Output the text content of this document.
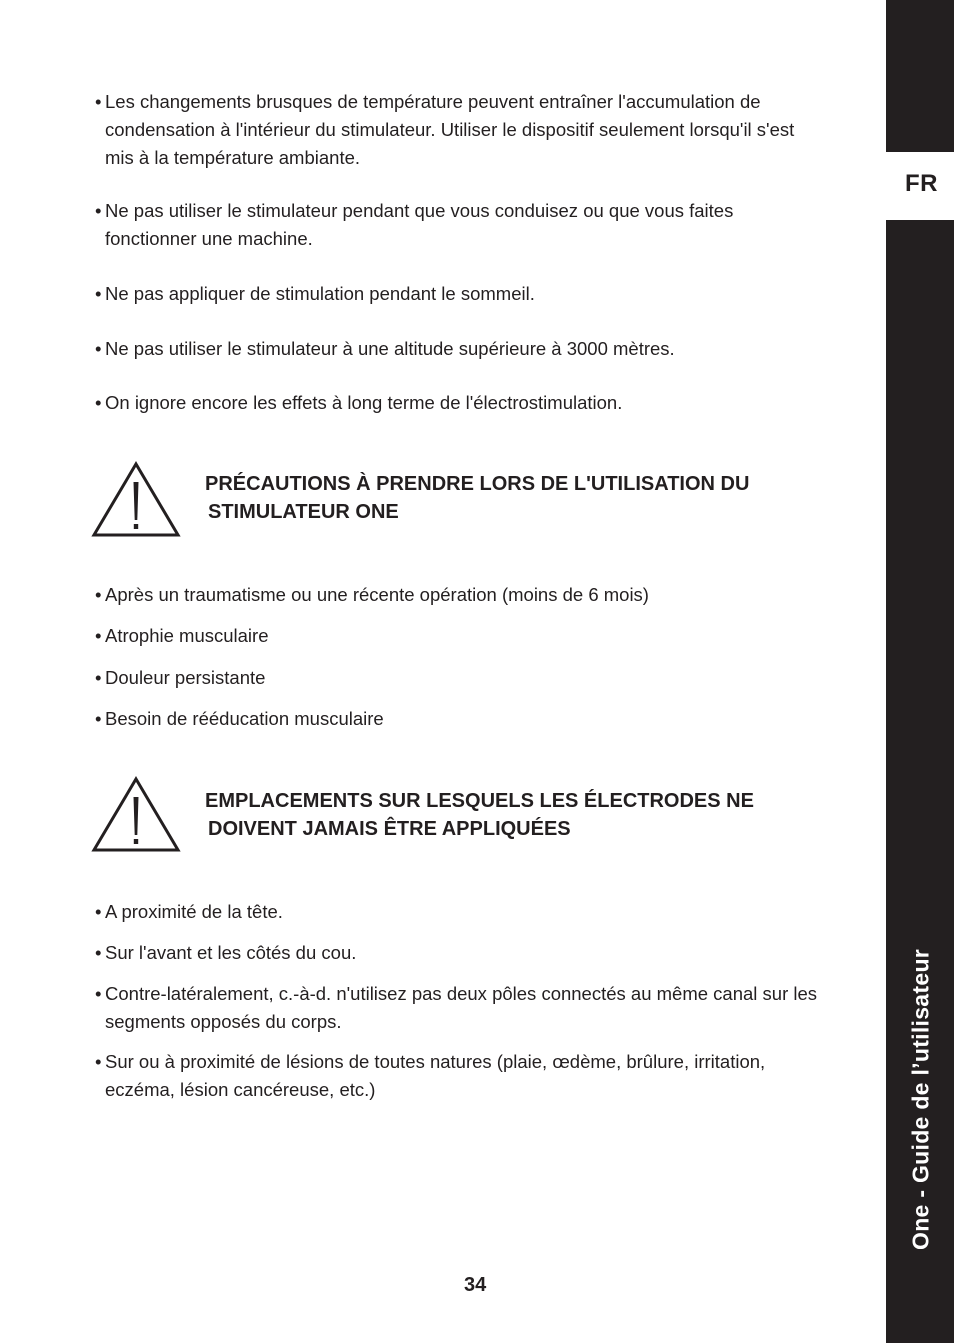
FR
One - Guide de l’utilisateur
• Les changements brusques de température peuvent entraîner l'accumulation de
condensation à l'intérieur du stimulateur. Utiliser le dispositif seulement lorsqu'il s'est
mis à la température ambiante.
• Ne pas utiliser le stimulateur pendant que vous conduisez ou que vous faites
fonctionner une machine.
• Ne pas appliquer de stimulation pendant le sommeil.
• Ne pas utiliser le stimulateur à une altitude supérieure à 3000 mètres.
• On ignore encore les effets à long terme de l'électrostimulation.
PRÉCAUTIONS À PRENDRE LORS DE L'UTILISATION DU
STIMULATEUR ONE
• Après un traumatisme ou une récente opération (moins de 6 mois)
• Atrophie musculaire
• Douleur persistante
• Besoin de rééducation musculaire
EMPLACEMENTS SUR LESQUELS LES ÉLECTRODES NE
DOIVENT JAMAIS ÊTRE APPLIQUÉES
• A proximité de la tête.
• Sur l'avant et les côtés du cou.
• Contre-latéralement, c.-à-d. n'utilisez pas deux pôles connectés au même canal sur les
segments opposés du corps.
• Sur ou à proximité de lésions de toutes natures (plaie, œdème, brûlure, irritation,
eczéma, lésion cancéreuse, etc.)
34
